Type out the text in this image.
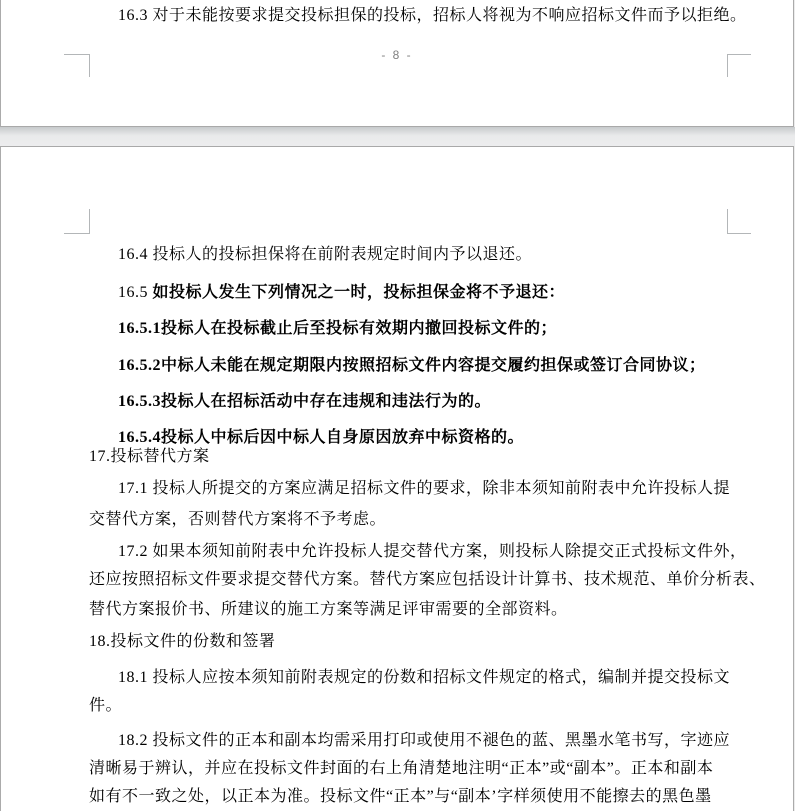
- 8 -
16.3 对于未能按要求提交投标担保的投标，招标人将视为不响应招标文件而予以拒绝。
16.4 投标人的投标担保将在前附表规定时间内予以退还。
16.5 如投标人发生下列情况之一时，投标担保金将不予退还：
16.5.1投标人在投标截止后至投标有效期内撤回投标文件的；
16.5.2中标人未能在规定期限内按照招标文件内容提交履约担保或签订合同协议；
16.5.3投标人在招标活动中存在违规和违法行为的。
16.5.4投标人中标后因中标人自身原因放弃中标资格的。
17.投标替代方案
17.1 投标人所提交的方案应满足招标文件的要求，除非本须知前附表中允许投标人提
交替代方案，否则替代方案将不予考虑。
17.2 如果本须知前附表中允许投标人提交替代方案，则投标人除提交正式投标文件外，
还应按照招标文件要求提交替代方案。替代方案应包括设计计算书、技术规范、单价分析表、
替代方案报价书、所建议的施工方案等满足评审需要的全部资料。
18.投标文件的份数和签署
18.1 投标人应按本须知前附表规定的份数和招标文件规定的格式，编制并提交投标文
件。
18.2 投标文件的正本和副本均需采用打印或使用不褪色的蓝、黑墨水笔书写，字迹应
清晰易于辨认，并应在投标文件封面的右上角清楚地注明“正本”或“副本”。正本和副本
如有不一致之处，以正本为准。投标文件“正本”与“副本’字样须使用不能擦去的黑色墨
